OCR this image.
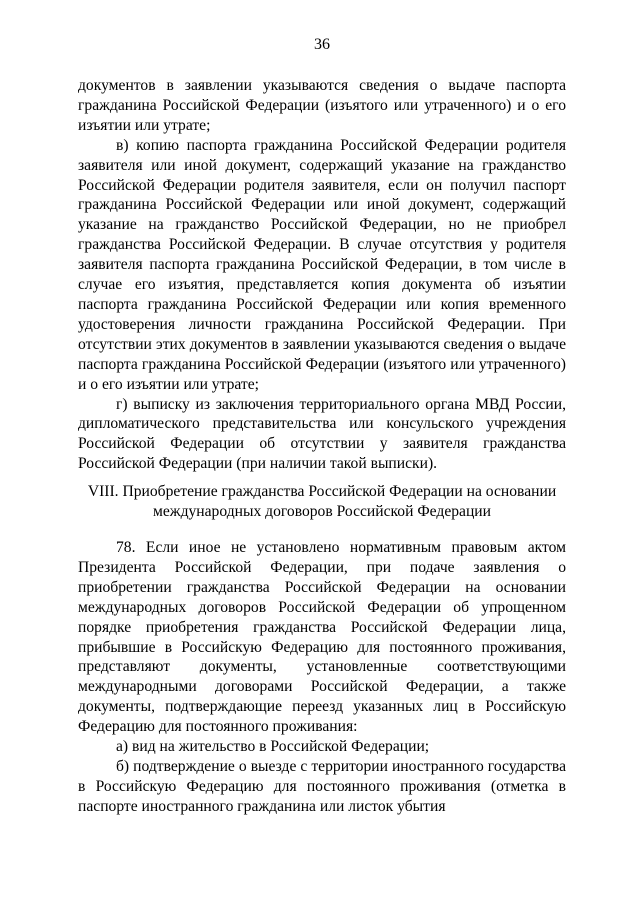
36

документов в заявлении указываются сведения о выдаче паспорта гражданина Российской Федерации (изъятого или утраченного) и о его изъятии или утрате;

в) копию паспорта гражданина Российской Федерации родителя заявителя или иной документ, содержащий указание на гражданство Российской Федерации родителя заявителя, если он получил паспорт гражданина Российской Федерации или иной документ, содержащий указание на гражданство Российской Федерации, но не приобрел гражданства Российской Федерации. В случае отсутствия у родителя заявителя паспорта гражданина Российской Федерации, в том числе в случае его изъятия, представляется копия документа об изъятии паспорта гражданина Российской Федерации или копия временного удостоверения личности гражданина Российской Федерации. При отсутствии этих документов в заявлении указываются сведения о выдаче паспорта гражданина Российской Федерации (изъятого или утраченного) и о его изъятии или утрате;

г) выписку из заключения территориального органа МВД России, дипломатического представительства или консульского учреждения Российской Федерации об отсутствии у заявителя гражданства Российской Федерации (при наличии такой выписки).

VIII. Приобретение гражданства Российской Федерации на основании
международных договоров Российской Федерации

78. Если иное не установлено нормативным правовым актом Президента Российской Федерации, при подаче заявления о приобретении гражданства Российской Федерации на основании международных договоров Российской Федерации об упрощенном порядке приобретения гражданства Российской Федерации лица, прибывшие в Российскую Федерацию для постоянного проживания, представляют документы, установленные соответствующими международными договорами Российской Федерации, а также документы, подтверждающие переезд указанных лиц в Российскую Федерацию для постоянного проживания:

а) вид на жительство в Российской Федерации;

б) подтверждение о выезде с территории иностранного государства в Российскую Федерацию для постоянного проживания (отметка в паспорте иностранного гражданина или листок убытия
